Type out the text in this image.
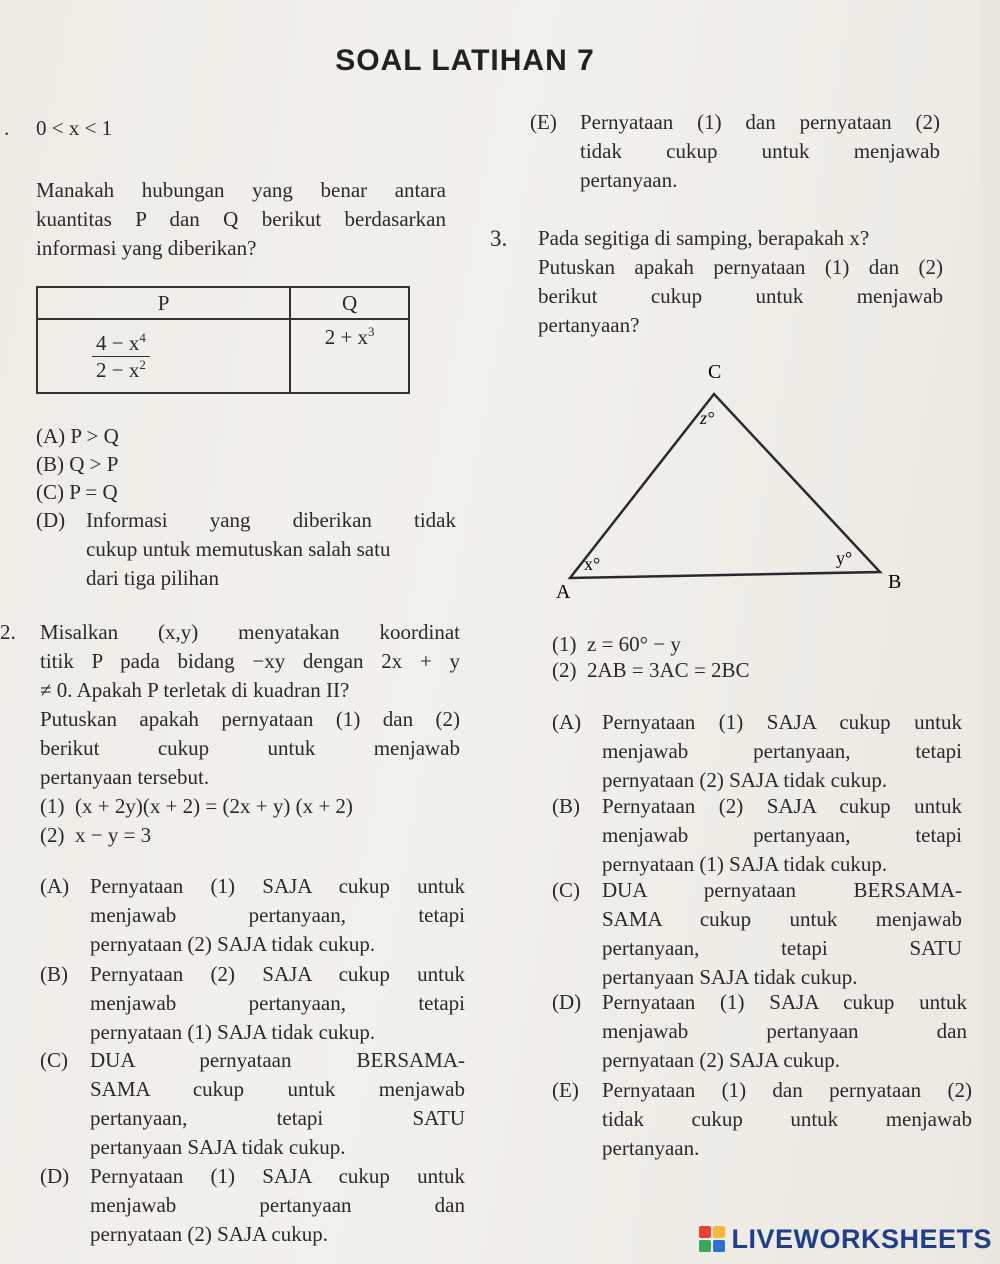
SOAL LATIHAN 7
. 0 < x < 1
Manakah hubungan yang benar antara
kuantitas P dan Q berikut berdasarkan
informasi yang diberikan?
P	Q

$\frac{4 - x^4}{2 - x^2}$	$2 + x^3$
(A) P > Q
(B) Q > P
(C) P = Q
(D) Informasi yang diberikan tidak
cukup untuk memutuskan salah satu
dari tiga pilihan
2. Misalkan (x,y) menyatakan koordinat
titik P pada bidang −xy dengan 2x + y
≠ 0. Apakah P terletak di kuadran II?
Putuskan apakah pernyataan (1) dan (2)
berikut cukup untuk menjawab
pertanyaan tersebut.
(1) (x + 2y)(x + 2) = (2x + y) (x + 2)
(2) x − y = 3
(A) Pernyataan (1) SAJA cukup untuk
menjawab pertanyaan, tetapi
pernyataan (2) SAJA tidak cukup.
(B) Pernyataan (2) SAJA cukup untuk
menjawab pertanyaan, tetapi
pernyataan (1) SAJA tidak cukup.
(C) DUA pernyataan BERSAMA-
SAMA cukup untuk menjawab
pertanyaan, tetapi SATU
pertanyaan SAJA tidak cukup.
(D) Pernyataan (1) SAJA cukup untuk
menjawab pertanyaan dan
pernyataan (2) SAJA cukup.
(E) Pernyataan (1) dan pernyataan (2)
tidak cukup untuk menjawab
pertanyaan.
3. Pada segitiga di samping, berapakah x?
Putuskan apakah pernyataan (1) dan (2)
berikut cukup untuk menjawab
pertanyaan?
C
z°
x°	y°
A	B
(1) z = 60° − y
(2) 2AB = 3AC = 2BC
(A) Pernyataan (1) SAJA cukup untuk
menjawab pertanyaan, tetapi
pernyataan (2) SAJA tidak cukup.
(B) Pernyataan (2) SAJA cukup untuk
menjawab pertanyaan, tetapi
pernyataan (1) SAJA tidak cukup.
(C) DUA pernyataan BERSAMA-
SAMA cukup untuk menjawab
pertanyaan, tetapi SATU
pertanyaan SAJA tidak cukup.
(D) Pernyataan (1) SAJA cukup untuk
menjawab pertanyaan dan
pernyataan (2) SAJA cukup.
(E) Pernyataan (1) dan pernyataan (2)
tidak cukup untuk menjawab
pertanyaan.
LIVEWORKSHEETS
